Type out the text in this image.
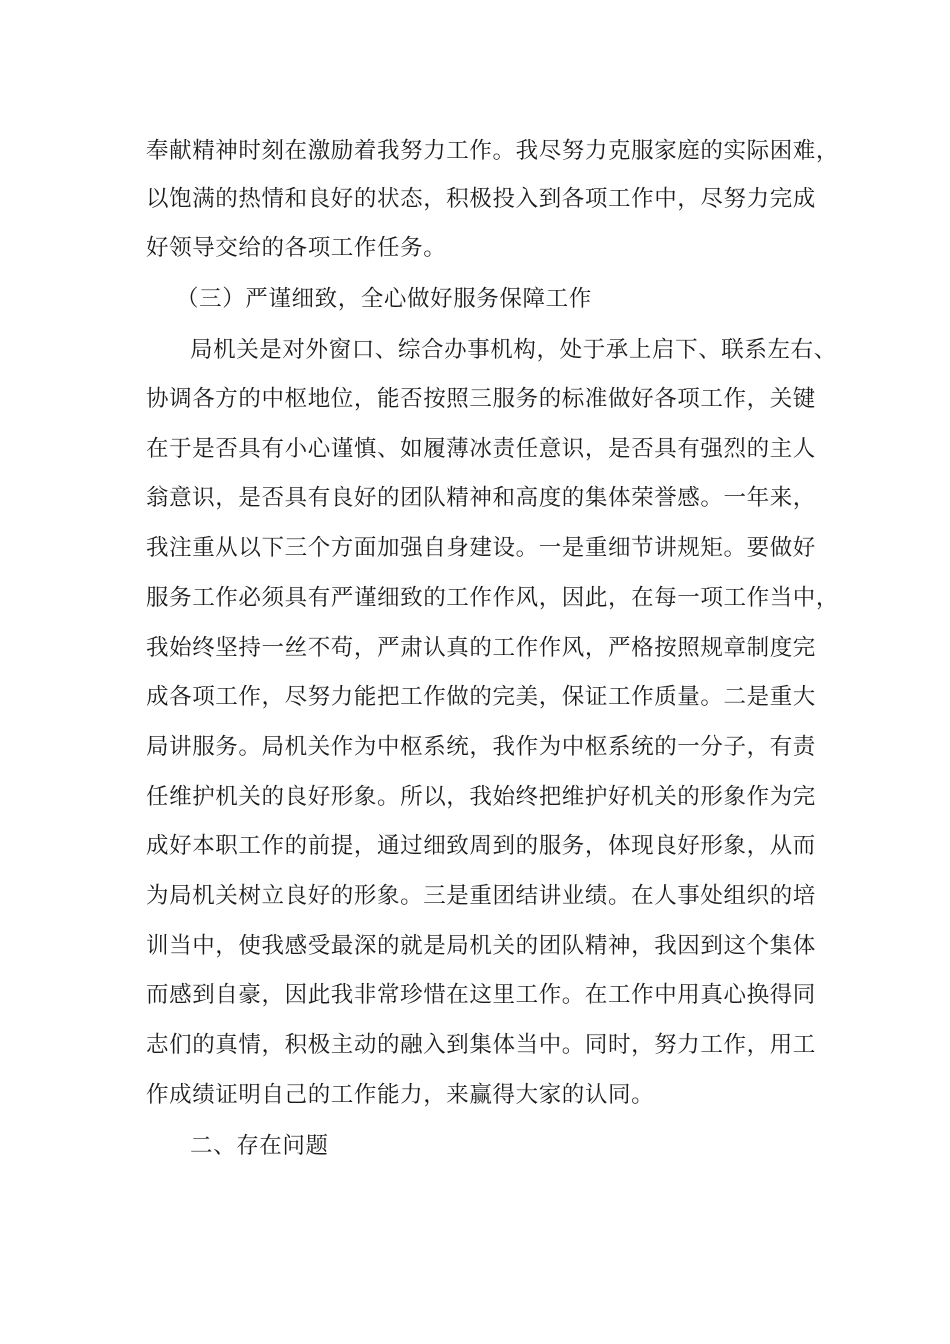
奉献精神时刻在激励着我努力工作。我尽努力克服家庭的实际困难，
以饱满的热情和良好的状态，积极投入到各项工作中，尽努力完成
好领导交给的各项工作任务。
（三）严谨细致，全心做好服务保障工作
局机关是对外窗口、综合办事机构，处于承上启下、联系左右、
协调各方的中枢地位，能否按照三服务的标准做好各项工作，关键
在于是否具有小心谨慎、如履薄冰责任意识，是否具有强烈的主人
翁意识，是否具有良好的团队精神和高度的集体荣誉感。一年来，
我注重从以下三个方面加强自身建设。一是重细节讲规矩。要做好
服务工作必须具有严谨细致的工作作风，因此，在每一项工作当中，
我始终坚持一丝不苟，严肃认真的工作作风，严格按照规章制度完
成各项工作，尽努力能把工作做的完美，保证工作质量。二是重大
局讲服务。局机关作为中枢系统，我作为中枢系统的一分子，有责
任维护机关的良好形象。所以，我始终把维护好机关的形象作为完
成好本职工作的前提，通过细致周到的服务，体现良好形象，从而
为局机关树立良好的形象。三是重团结讲业绩。在人事处组织的培
训当中，使我感受最深的就是局机关的团队精神，我因到这个集体
而感到自豪，因此我非常珍惜在这里工作。在工作中用真心换得同
志们的真情，积极主动的融入到集体当中。同时，努力工作，用工
作成绩证明自己的工作能力，来赢得大家的认同。
二、存在问题
